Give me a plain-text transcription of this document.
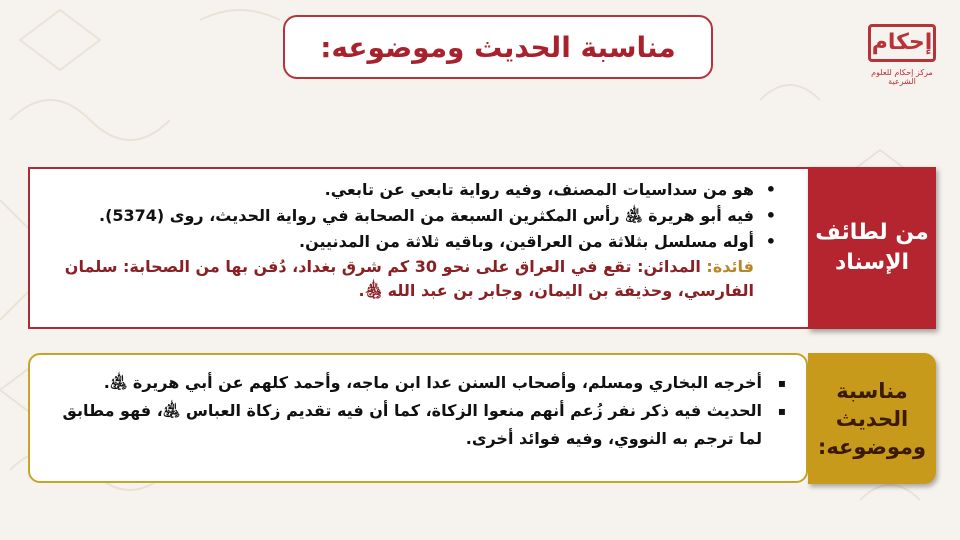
إحكام
مركز إحكام للعلوم الشرعية
مناسبة الحديث وموضوعه:
• هو من سداسيات المصنف، وفيه رواية تابعي عن تابعي.
• فيه أبو هريرة ﵁ رأس المكثرين السبعة من الصحابة في رواية الحديث، روى (5374).
• أوله مسلسل بثلاثة من العراقين، وباقيه ثلاثة من المدنيين.
فائدة: المدائن: تقع في العراق على نحو 30 كم شرق بغداد، دُفن بها من الصحابة: سلمان الفارسي، وحذيفة بن اليمان، وجابر بن عبد الله ﵃.
من لطائف
الإسناد
▪ أخرجه البخاري ومسلم، وأصحاب السنن عدا ابن ماجه، وأحمد كلهم عن أبي هريرة ﵁.
▪ الحديث فيه ذكر نفر زُعم أنهم منعوا الزكاة، كما أن فيه تقديم زكاة العباس ﵁، فهو مطابق لما ترجم به النووي، وفيه فوائد أخرى.
مناسبة
الحديث
وموضوعه:
